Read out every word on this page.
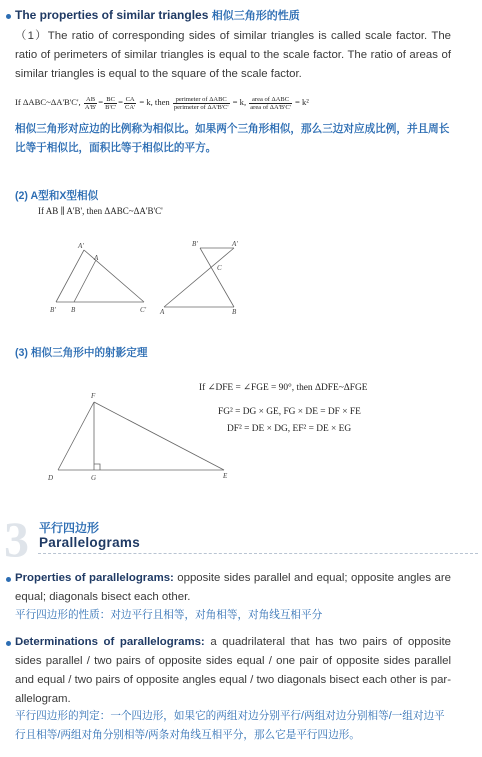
The properties of similar triangles 相似三角形的性质
（1）The ratio of corresponding sides of similar triangles is called scale factor. The ratio of perimeters of similar triangles is equal to the scale factor. The ratio of areas of similar triangles is equal to the square of the scale factor.
If ΔABC~ΔA'B'C', $\frac{AB}{A'B'} = \frac{BC}{B'C'} = \frac{CA}{CA'} = k$, then $\frac{\text{perimeter of ΔABC}}{\text{perimeter of ΔA'B'C'}} = k$, $\frac{\text{area of ΔABC}}{\text{area of ΔA'B'C'}} = k^2$
相似三角形对应边的比例称为相似比。如果两个三角形相似，那么三边对应成比例，并且周长比等于相似比，面积比等于相似比的平方。
(2) A型和X型相似
If AB ∥ A'B', then ΔABC~ΔA'B'C'
A'
A
B' B	C'
B'	A'
C
A	B
(3) 相似三角形中的射影定理
If ∠DFE = ∠FGE = 90°, then ΔDFE~ΔFGE
FG² = DG × GE, FG × DE = DF × FE
DF² = DE × DG, EF² = DE × EG
F
D	G	E
3 平行四边形
Parallelograms
Properties of parallelograms: opposite sides parallel and equal; opposite angles are equal; diagonals bisect each other.
平行四边形的性质：对边平行且相等，对角相等，对角线互相平分
Determinations of parallelograms: a quadrilateral that has two pairs of opposite sides parallel / two pairs of opposite sides equal / one pair of opposite sides parallel and equal / two pairs of opposite angles equal / two diagonals bisect each other is par-allelogram.
平行四边形的判定：一个四边形，如果它的两组对边分别平行/两组对边分别相等/一组对边平行且相等/两组对角分别相等/两条对角线互相平分，那么它是平行四边形。
